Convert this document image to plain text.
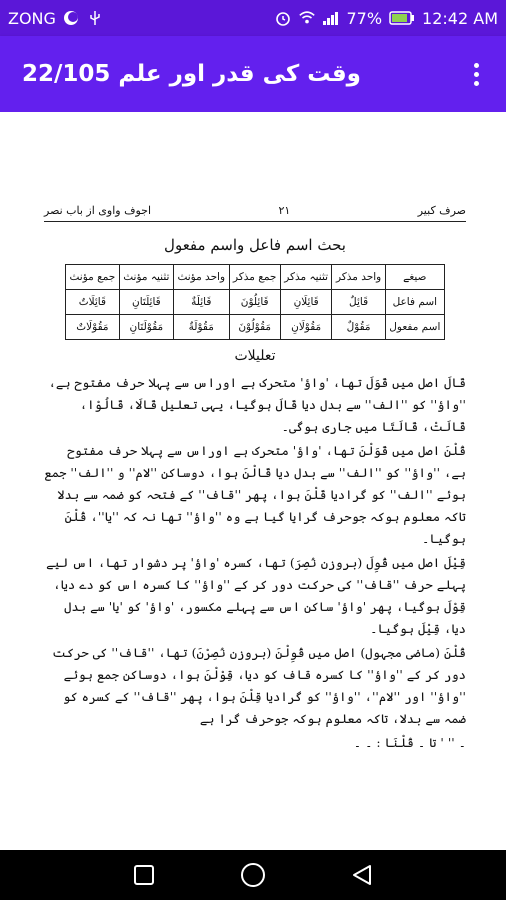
ZONG	77%	12:42 AM
وقت کی قدر اور علم 22/105
صرف کبیر
۲۱
اجوف واوی از باب نصر
بحث اسم فاعل واسم مفعول
صیغے	واحد مذکر	تثنیہ مذکر	جمع مذکر	واحد مؤنث	تثنیہ مؤنث	جمع مؤنث
اسم فاعل	قَائِلٌ	قَائِلَانِ	قَائِلُوْنَ	قَائِلَةٌ	قَائِلَتَانِ	قَائِلَاتٌ
اسم مفعول	مَقُوْلٌ	مَقُوْلَانِ	مَقُوْلُوْنَ	مَقُوْلَةٌ	مَقُوْلَتَانِ	مَقُوْلَاتٌ
تعلیلات

قَالَ اصل میں قَوَلَ تھا، 'واؤ' متحرک ہے اوراس سے پہلا حرف مفتوح ہے، ''واؤ'' کو ''الف'' سے بدل دیا قَالَ ہوگیا، یہی تعلیل قَالَا، قَالُوْا، قَالَتْ، قَالَتَا میں جاری ہوگی۔

قُلْنَ اصل میں قَوَلْنَ تھا، 'واؤ' متحرک ہے اوراس سے پہلا حرف مفتوح ہے، ''واؤ'' کو ''الف'' سے بدل دیا قَالْنَ ہوا، دوساکن ''لام'' و ''الف'' جمع ہوئے ''الف'' کو گرادیا قَلْنَ ہوا، پھر ''قاف'' کے فتحہ کو ضمہ سے بدلا تاکہ معلوم ہوکہ جوحرف گرایا گیا ہے وہ ''واؤ'' تھا نہ کہ ''یا''، قُلْنَ ہوگیا۔

قِيْلَ اصل میں قُوِلَ (بروزن نُصِرَ) تھا، کسرہ 'واؤ' پر دشوار تھا، اس لیے پہلے حرف ''قاف'' کی حرکت دور کر کے ''واؤ'' کا کسرہ اس کو دے دیا، قِوْلَ ہوگیا، پھر 'واؤ' ساکن اس سے پہلے مکسور، 'واؤ' کو 'یا' سے بدل دیا، قِيْلَ ہوگیا۔

قُلْنَ (ماضی مجہول) اصل میں قُوِلْنَ (بروزن نُصِرْنَ) تھا، ''قاف'' کی حرکت دور کر کے ''واؤ'' کا کسرہ قاف کو دیا، قِوْلْنَ ہوا، دوساکن جمع ہوئے ''واؤ'' اور ''لام''، ''واؤ'' کو گرادیا قِلْنَ ہوا، پھر ''قاف'' کے کسرہ کو ضمہ سے بدلا، تاکہ معلوم ہوکہ جوحرف گرا ہے

۔ '' ' تا ۔ قُلْنَا : ۔ ۔
